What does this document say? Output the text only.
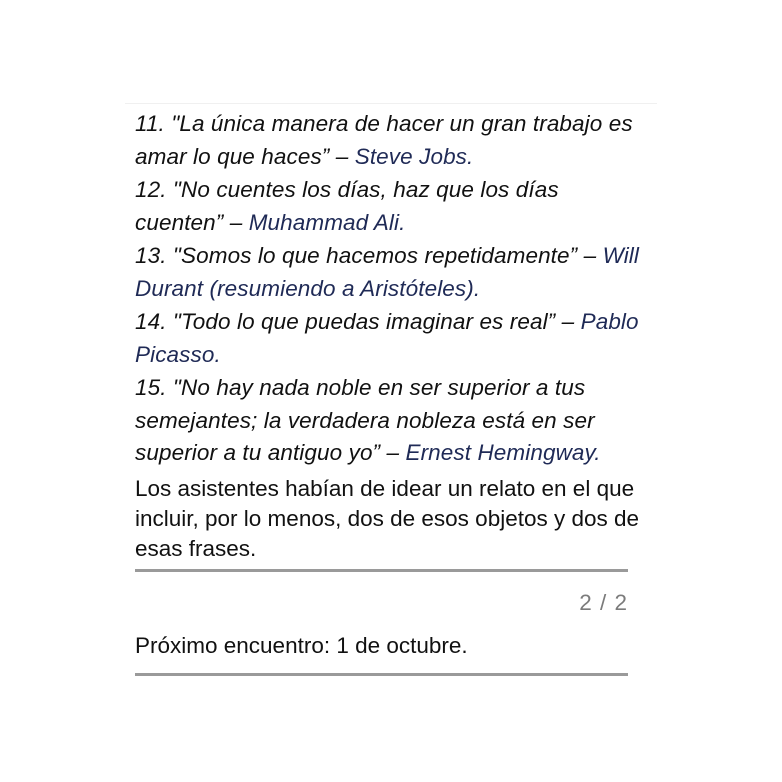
11. "La única manera de hacer un gran trabajo es amar lo que haces” – Steve Jobs.

12. "No cuentes los días, haz que los días cuenten” – Muhammad Ali.

13. "Somos lo que hacemos repetidamente” – Will Durant (resumiendo a Aristóteles).

14. "Todo lo que puedas imaginar es real” – Pablo Picasso.

15. "No hay nada noble en ser superior a tus semejantes; la verdadera nobleza está en ser superior a tu antiguo yo” – Ernest Hemingway.

Los asistentes habían de idear un relato en el que incluir, por lo menos, dos de esos objetos y dos de esas frases.

2 / 2
Próximo encuentro: 1 de octubre.
